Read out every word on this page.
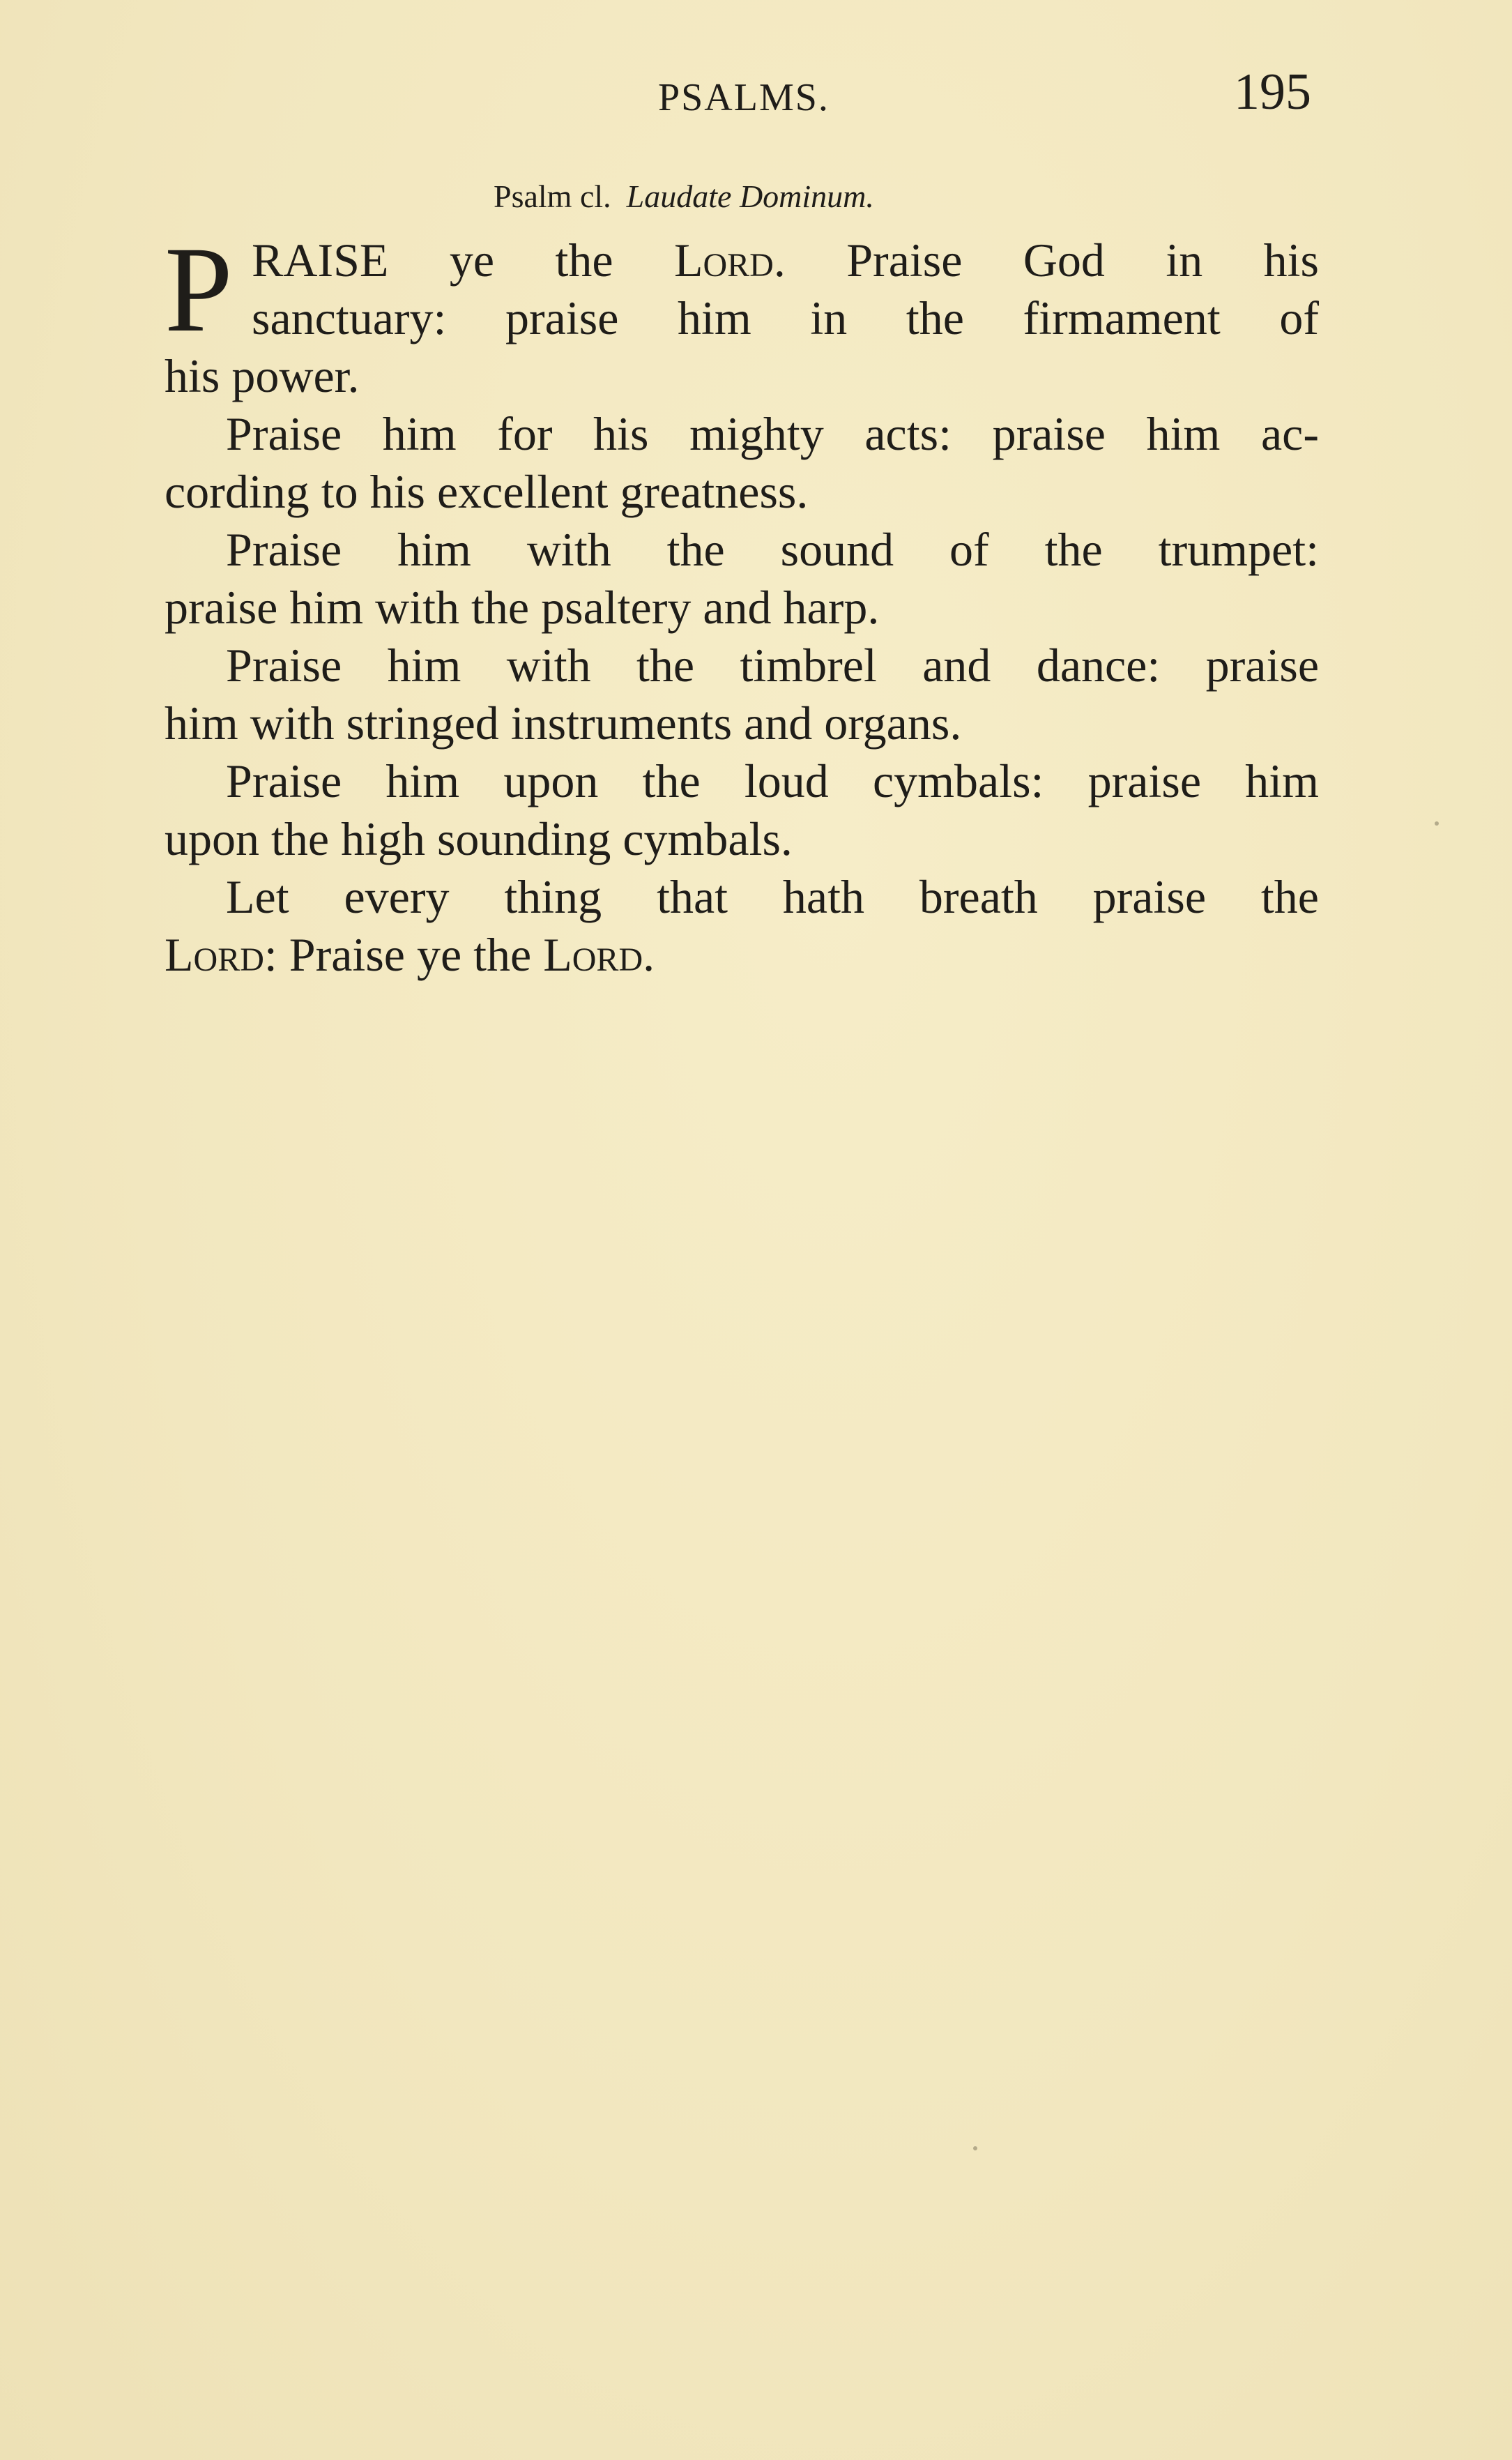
PSALMS.	195
Psalm cl. Laudate Dominum.
P RAISE ye the Lord. Praise God in his
sanctuary: praise him in the firmament of
his power.
Praise him for his mighty acts: praise him ac-
cording to his excellent greatness.
Praise him with the sound of the trumpet:
praise him with the psaltery and harp.
Praise him with the timbrel and dance: praise
him with stringed instruments and organs.
Praise him upon the loud cymbals: praise him
upon the high sounding cymbals.
Let every thing that hath breath praise the
Lord: Praise ye the Lord.
